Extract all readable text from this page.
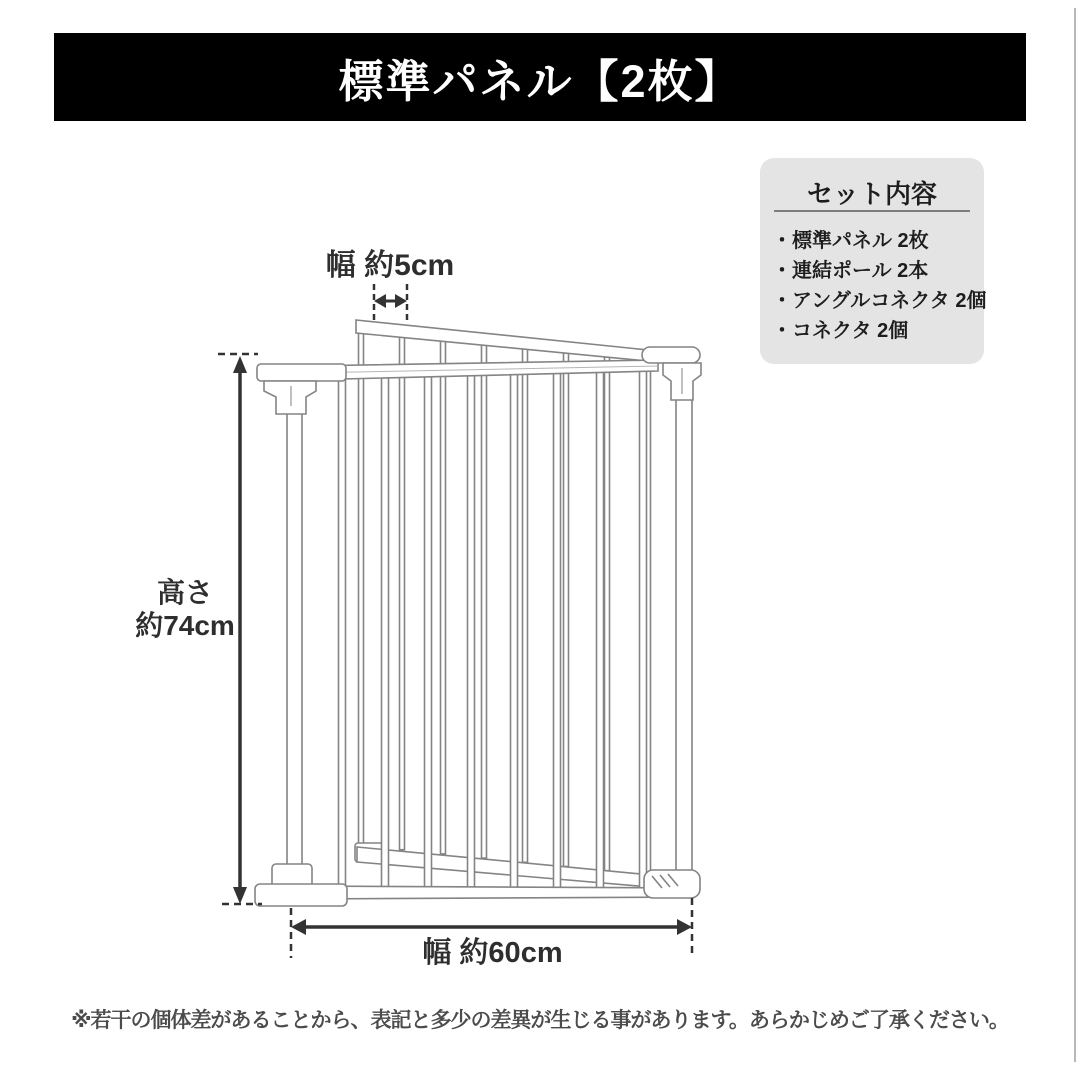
標準パネル【2枚】
セット内容
・標準パネル 2枚
・連結ポール 2本
・アングルコネクタ 2個
・コネクタ 2個
幅 約5cm
高さ
約74cm
幅 約60cm
※若干の個体差があることから、表記と多少の差異が生じる事があります。あらかじめご了承ください。
